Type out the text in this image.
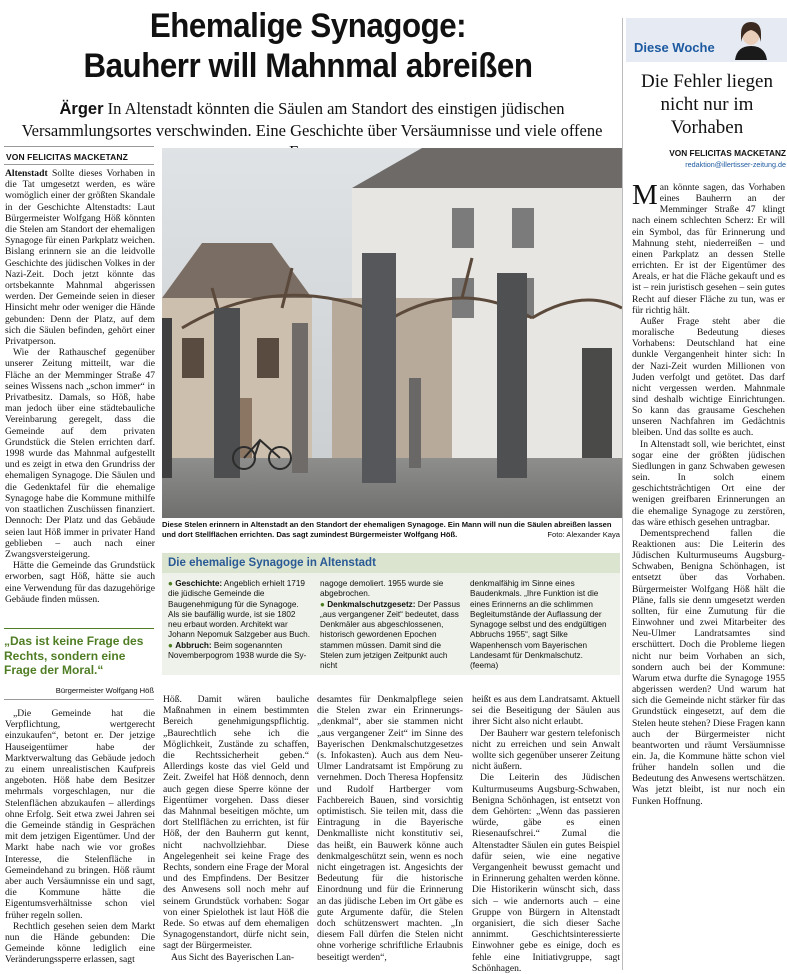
Ehemalige Synagoge:
Bauherr will Mahnmal abreißen
Ärger In Altenstadt könnten die Säulen am Standort des einstigen jüdischen
Versammlungsortes verschwinden. Eine Geschichte über Versäumnisse und viele offene
VON FELICITAS MACKETANZ

Altenstadt Sollte dieses Vorhaben in die Tat umgesetzt werden, es wäre womöglich einer der größten Skandale in der Geschichte Altenstadts: Laut Bürgermeister Wolfgang Höß könnten die Stelen am Standort der ehemaligen Synagoge für einen Parkplatz weichen. Bislang erinnern sie an die leidvolle Geschichte des jüdischen Volkes in der Nazi-Zeit. Doch jetzt könnte das ortsbekannte Mahnmal abgerissen werden. Der Gemeinde seien in dieser Hinsicht mehr oder weniger die Hände gebunden: Denn der Platz, auf dem sich die Säulen befinden, gehört einer Privatperson.

Wie der Rathauschef gegenüber unserer Zeitung mitteilt, war die Fläche an der Memminger Straße 47 seines Wissens nach „schon immer“ in Privatbesitz. Damals, so Höß, habe man jedoch über eine städtebauliche Vereinbarung geregelt, dass die Gemeinde auf dem privaten Grundstück die Stelen errichten darf. 1998 wurde das Mahnmal aufgestellt und es zeigt in etwa den Grundriss der ehemaligen Synagoge. Die Säulen und die Gedenktafel für die ehemalige Synagoge habe die Kommune mithilfe von staatlichen Zuschüssen finanziert. Dennoch: Der Platz und das Gebäude seien laut Höß immer in privater Hand geblieben – auch nach einer Zwangsversteigerung.

Hätte die Gemeinde das Grundstück erworben, sagt Höß, hätte sie auch eine Verwendung für das dazugehörige Gebäude finden müssen.

„Das ist keine Frage des Rechts, sondern eine Frage der Moral.“
Bürgermeister Wolfgang Höß

„Die Gemeinde hat die Verpflichtung, wertgerecht einzukaufen“, betont er. Der jetzige Hauseigentümer habe der Marktverwaltung das Gebäude jedoch zu einem unrealistischen Kaufpreis angeboten. Höß habe dem Besitzer mehrmals vorgeschlagen, nur die Stelenflächen abzukaufen – allerdings ohne Erfolg. Seit etwa zwei Jahren sei die Gemeinde ständig in Gesprächen mit dem jetzigen Eigentümer. Und der Markt habe nach wie vor großes Interesse, die Stelenfläche in Gemeindehand zu bringen. Höß räumt aber auch Versäumnisse ein und sagt, die Kommune hätte die Eigentumsverhältnisse schon viel früher regeln sollen.

Rechtlich gesehen seien dem Markt nun die Hände gebunden: Die Gemeinde könne lediglich eine Veränderungssperre erlassen, sagt

Diese Stelen erinnern in Altenstadt an den Standort der ehemaligen Synagoge. Ein Mann will nun die Säulen abreißen lassen und dort Stellflächen errichten. Das sagt zumindest Bürgermeister Wolfgang Höß.	Foto: Alexander Kaya
Die ehemalige Synagoge in Altenstadt
● Geschichte: Angeblich erhielt 1719 die jüdische Gemeinde die Baugenehmigung für die Synagoge. Als sie baufällig wurde, ist sie 1802 neu erbaut worden. Architekt war Johann Nepomuk Salzgeber aus Buch.
● Abbruch: Beim sogenannten Novemberpogrom 1938 wurde die Sy-
nagoge demoliert. 1955 wurde sie abgebrochen.
● Denkmalschutzgesetz: Der Passus „aus vergangener Zeit“ bedeutet, dass Denkmäler aus abgeschlossenen, historisch gewordenen Epochen stammen müssen. Damit sind die Stelen zum jetzigen Zeitpunkt auch nicht
denkmalfähig im Sinne eines Baudenkmals. „Ihre Funktion ist die eines Erinnerns an die schlimmen Begleitumstände der Auflassung der Synagoge selbst und des endgültigen Abbruchs 1955“, sagt Silke Wapenhensch vom Bayerischen Landesamt für Denkmalschutz. (feema)

Höß. Damit wären bauliche Maßnahmen in einem bestimmten Bereich genehmigungspflichtig. „Baurechtlich sehe ich die Möglichkeit, Zustände zu schaffen, die Rechtssicherheit geben.“ Allerdings koste das viel Geld und Zeit. Zweifel hat Höß dennoch, denn auch gegen diese Sperre könne der Eigentümer vorgehen. Dass dieser das Mahnmal beseitigen möchte, um dort Stellflächen zu errichten, ist für Höß, der den Bauherrn gut kennt, nicht nachvollziehbar. Diese Angelegenheit sei keine Frage des Rechts, sondern eine Frage der Moral und des Empfindens. Der Besitzer des Anwesens soll noch mehr auf seinem Grundstück vorhaben: Sogar von einer Spielothek ist laut Höß die Rede. So etwas auf dem ehemaligen Synagogenstandort, dürfe nicht sein, sagt der Bürgermeister.

Aus Sicht des Bayerischen Lan-

desamtes für Denkmalpflege seien die Stelen zwar ein Erinnerungs-„denkmal“, aber sie stammen nicht „aus vergangener Zeit“ im Sinne des Bayerischen Denkmalschutzgesetzes (s. Infokasten). Auch aus dem Neu-Ulmer Landratsamt ist Empörung zu vernehmen. Doch Theresa Hopfensitz und Rudolf Hartberger vom Fachbereich Bauen, sind vorsichtig optimistisch. Sie teilen mit, dass die Eintragung in die Bayerische Denkmalliste nicht konstitutiv sei, das heißt, ein Bauwerk könne auch denkmalgeschützt sein, wenn es noch nicht eingetragen ist. Angesichts der Bedeutung für die historische Einordnung und für die Erinnerung an das jüdische Leben im Ort gäbe es gute Argumente dafür, die Stelen doch schützenswert machten. „In diesem Fall dürfen die Stelen nicht ohne vorherige schriftliche Erlaubnis beseitigt werden“,

heißt es aus dem Landratsamt. Aktuell sei die Beseitigung der Säulen aus ihrer Sicht also nicht erlaubt.

Der Bauherr war gestern telefonisch nicht zu erreichen und sein Anwalt wollte sich gegenüber unserer Zeitung nicht äußern.

Die Leiterin des Jüdischen Kulturmuseums Augsburg-Schwaben, Benigna Schönhagen, ist entsetzt von dem Gehörten: „Wenn das passieren würde, gäbe es einen Riesenaufschrei.“ Zumal die Altenstadter Säulen ein gutes Beispiel dafür seien, wie eine negative Vergangenheit bewusst gemacht und in Erinnerung gehalten werden könne. Die Historikerin wünscht sich, dass sich – wie andernorts auch – eine Gruppe von Bürgern in Altenstadt organisiert, die sich dieser Sache annimmt. Geschichtsinteressierte Einwohner gebe es einige, doch es fehle eine Initiativgruppe, sagt Schönhagen.

Diese Woche
Die Fehler liegen nicht nur im Vorhaben
VON FELICITAS MACKETANZ
redaktion@illertisser-zeitung.de

Man könnte sagen, das Vorhaben eines Bauherrn an der Memminger Straße 47 klingt nach einem schlechten Scherz: Er will ein Symbol, das für Erinnerung und Mahnung steht, niederreißen – und einen Parkplatz an dessen Stelle errichten. Er ist der Eigentümer des Areals, er hat die Fläche gekauft und es ist – rein juristisch gesehen – sein gutes Recht auf dieser Fläche zu tun, was er für richtig hält.

Außer Frage steht aber die moralische Bedeutung dieses Vorhabens: Deutschland hat eine dunkle Vergangenheit hinter sich: In der Nazi-Zeit wurden Millionen von Juden verfolgt und getötet. Das darf nicht vergessen werden. Mahnmale sind deshalb wichtige Einrichtungen. So kann das grausame Geschehen unseren Nachfahren im Gedächtnis bleiben. Und das sollte es auch.

In Altenstadt soll, wie berichtet, einst sogar eine der größten jüdischen Siedlungen in ganz Schwaben gewesen sein. In solch einem geschichtsträchtigen Ort eine der wenigen greifbaren Erinnerungen an die ehemalige Synagoge zu zerstören, das wäre ethisch gesehen untragbar.

Dementsprechend fallen die Reaktionen aus: Die Leiterin des Jüdischen Kulturmuseums Augsburg-Schwaben, Benigna Schönhagen, ist entsetzt über das Vorhaben. Bürgermeister Wolfgang Höß hält die Pläne, falls sie denn umgesetzt werden sollten, für eine Zumutung für die Einwohner und zwei Mitarbeiter des Neu-Ulmer Landratsamtes sind erschüttert. Doch die Probleme liegen nicht nur beim Vorhaben an sich, sondern auch bei der Kommune: Warum etwa durfte die Synagoge 1955 abgerissen werden? Und warum hat sich die Gemeinde nicht stärker für das Grundstück eingesetzt, auf dem die Stelen heute stehen? Diese Fragen kann auch der Bürgermeister nicht beantworten und räumt Versäumnisse ein. Ja, die Kommune hätte schon viel früher handeln sollen und die Bedeutung des Anwesens wertschätzen. Was jetzt bleibt, ist nur noch ein Funken Hoffnung.
